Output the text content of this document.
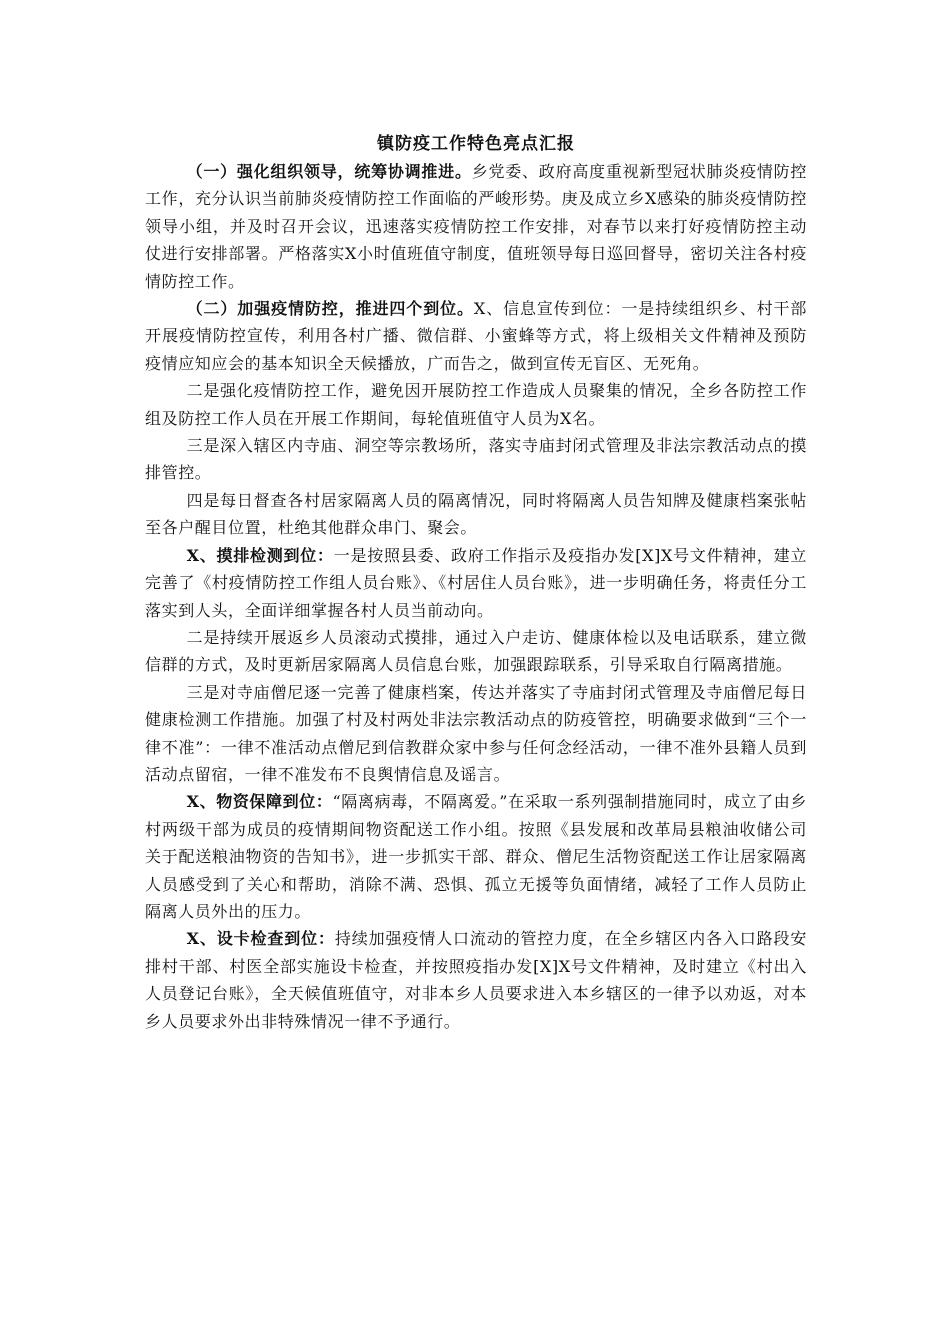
镇防疫工作特色亮点汇报

（一）强化组织领导，统筹协调推进。乡党委、政府高度重视新型冠状肺炎疫情防控工作，充分认识当前肺炎疫情防控工作面临的严峻形势。庚及成立乡X感染的肺炎疫情防控领导小组，并及时召开会议，迅速落实疫情防控工作安排，对春节以来打好疫情防控主动仗进行安排部署。严格落实X小时值班值守制度，值班领导每日巡回督导，密切关注各村疫情防控工作。

（二）加强疫情防控，推进四个到位。X、信息宣传到位：一是持续组织乡、村干部开展疫情防控宣传，利用各村广播、微信群、小蜜蜂等方式，将上级相关文件精神及预防疫情应知应会的基本知识全天候播放，广而告之，做到宣传无盲区、无死角。

二是强化疫情防控工作，避免因开展防控工作造成人员聚集的情况，全乡各防控工作组及防控工作人员在开展工作期间，每轮值班值守人员为X名。

三是深入辖区内寺庙、洞空等宗教场所，落实寺庙封闭式管理及非法宗教活动点的摸排管控。

四是每日督查各村居家隔离人员的隔离情况，同时将隔离人员告知牌及健康档案张帖至各户醒目位置，杜绝其他群众串门、聚会。

X、摸排检测到位：一是按照县委、政府工作指示及疫指办发[X]X号文件精神，建立完善了《村疫情防控工作组人员台账》、《村居住人员台账》，进一步明确任务，将责任分工落实到人头，全面详细掌握各村人员当前动向。

二是持续开展返乡人员滚动式摸排，通过入户走访、健康体检以及电话联系，建立微信群的方式，及时更新居家隔离人员信息台账，加强跟踪联系，引导采取自行隔离措施。

三是对寺庙僧尼逐一完善了健康档案，传达并落实了寺庙封闭式管理及寺庙僧尼每日健康检测工作措施。加强了村及村两处非法宗教活动点的防疫管控，明确要求做到“三个一律不准”：一律不准活动点僧尼到信教群众家中参与任何念经活动，一律不准外县籍人员到活动点留宿，一律不准发布不良舆情信息及谣言。

X、物资保障到位：“隔离病毒，不隔离爱。”在采取一系列强制措施同时，成立了由乡村两级干部为成员的疫情期间物资配送工作小组。按照《县发展和改革局县粮油收储公司关于配送粮油物资的告知书》，进一步抓实干部、群众、僧尼生活物资配送工作让居家隔离人员感受到了关心和帮助，消除不满、恐惧、孤立无援等负面情绪，减轻了工作人员防止隔离人员外出的压力。

X、设卡检查到位：持续加强疫情人口流动的管控力度，在全乡辖区内各入口路段安排村干部、村医全部实施设卡检查，并按照疫指办发[X]X号文件精神，及时建立《村出入人员登记台账》，全天候值班值守，对非本乡人员要求进入本乡辖区的一律予以劝返，对本乡人员要求外出非特殊情况一律不予通行。
